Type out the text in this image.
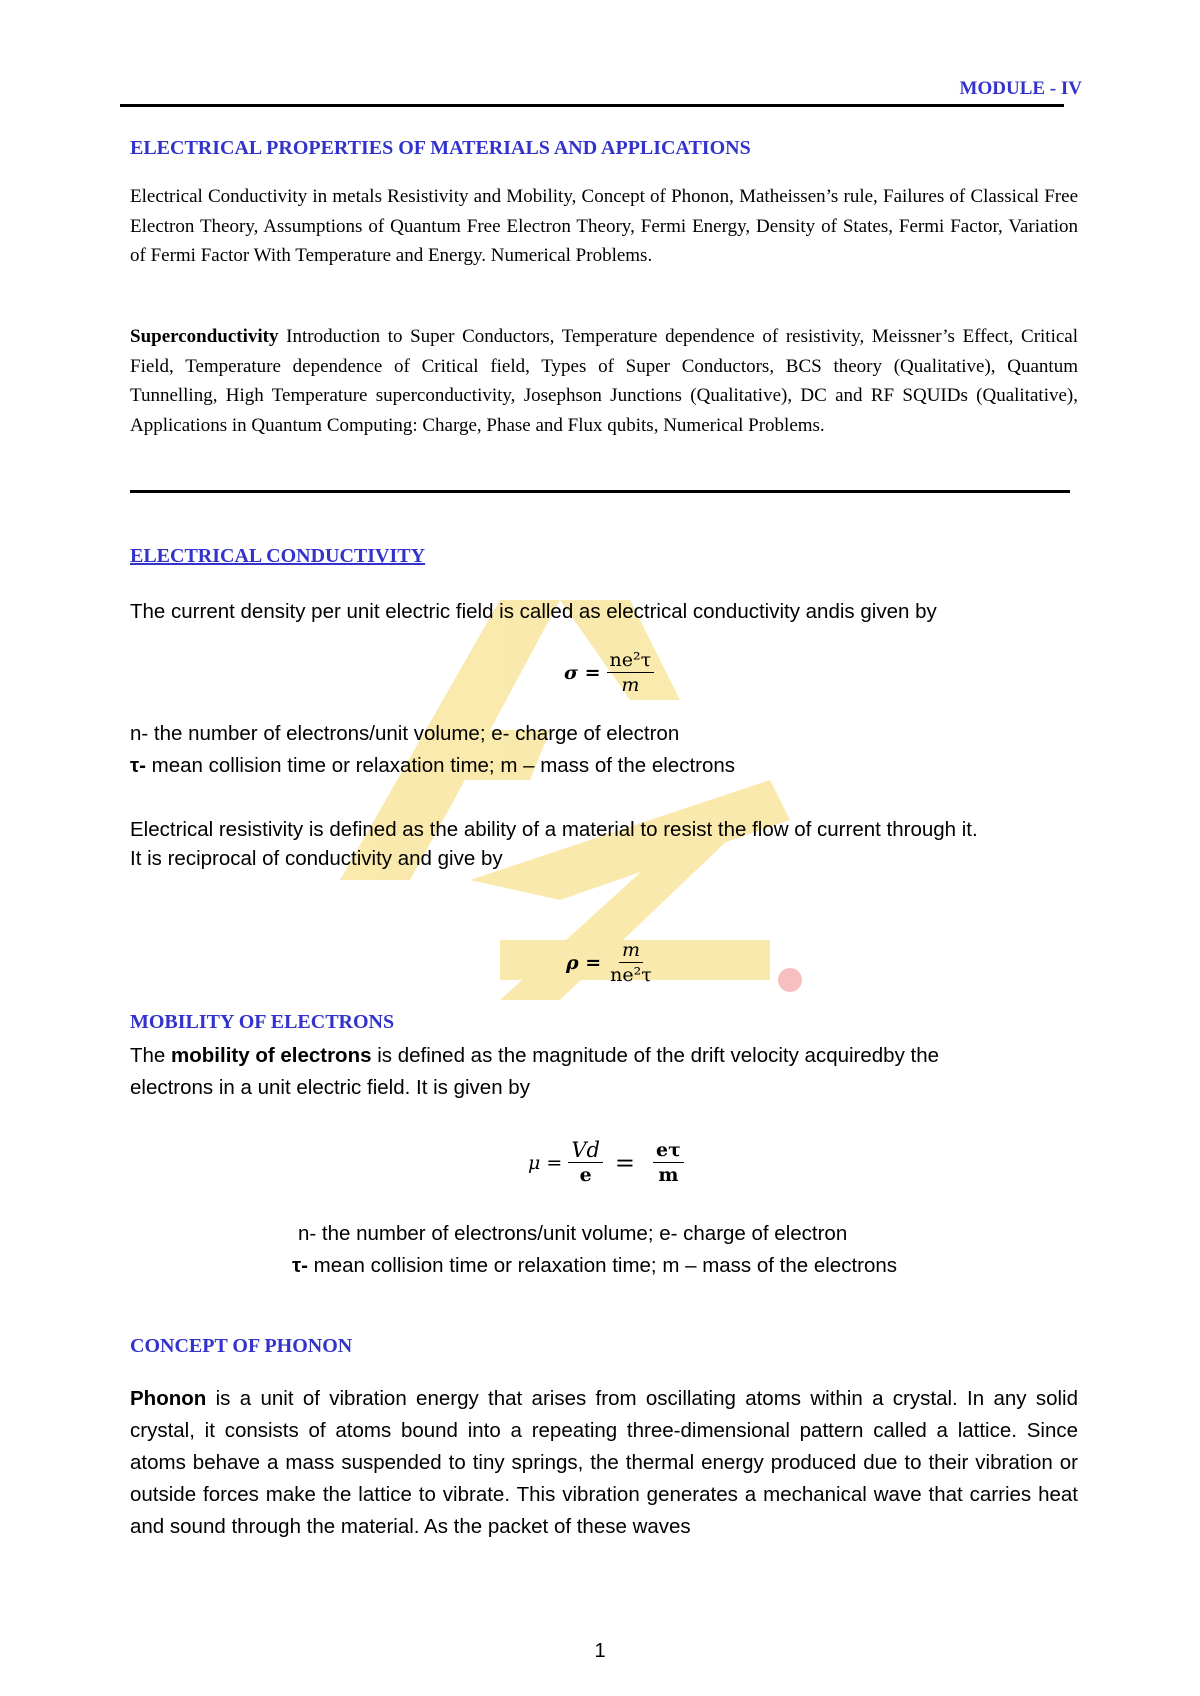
MODULE - IV
ELECTRICAL PROPERTIES OF MATERIALS AND APPLICATIONS
Electrical Conductivity in metals Resistivity and Mobility, Concept of Phonon, Matheissen’s rule, Failures of Classical Free Electron Theory, Assumptions of Quantum Free Electron Theory, Fermi Energy, Density of States, Fermi Factor, Variation of Fermi Factor With Temperature and Energy. Numerical Problems.
Superconductivity Introduction to Super Conductors, Temperature dependence of resistivity, Meissner’s Effect, Critical Field, Temperature dependence of Critical field, Types of Super Conductors, BCS theory (Qualitative), Quantum Tunnelling, High Temperature superconductivity, Josephson Junctions (Qualitative), DC and RF SQUIDs (Qualitative), Applications in Quantum Computing: Charge, Phase and Flux qubits, Numerical Problems.
ELECTRICAL CONDUCTIVITY
The current density per unit electric field is called as electrical conductivity andis given by
$\sigma = \frac{\text{ne²τ}}{m}$
n- the number of electrons/unit volume; e- charge of electron
τ- mean collision time or relaxation time; m – mass of the electrons
Electrical resistivity is defined as the ability of a material to resist the flow of current through it.
It is reciprocal of conductivity and give by
$\rho = \frac{m}{\text{ne²τ}}$
MOBILITY OF ELECTRONS
The mobility of electrons is defined as the magnitude of the drift velocity acquiredby the
electrons in a unit electric field. It is given by
$\mu = \frac{Vd}{e} = \frac{e\tau}{m}$
n- the number of electrons/unit volume; e- charge of electron
τ- mean collision time or relaxation time; m – mass of the electrons
CONCEPT OF PHONON
Phonon is a unit of vibration energy that arises from oscillating atoms within a crystal. In any solid crystal, it consists of atoms bound into a repeating three-dimensional pattern called a lattice. Since atoms behave a mass suspended to tiny springs, the thermal energy produced due to their vibration or outside forces make the lattice to vibrate. This vibration generates a mechanical wave that carries heat and sound through the material. As the packet of these waves
1
